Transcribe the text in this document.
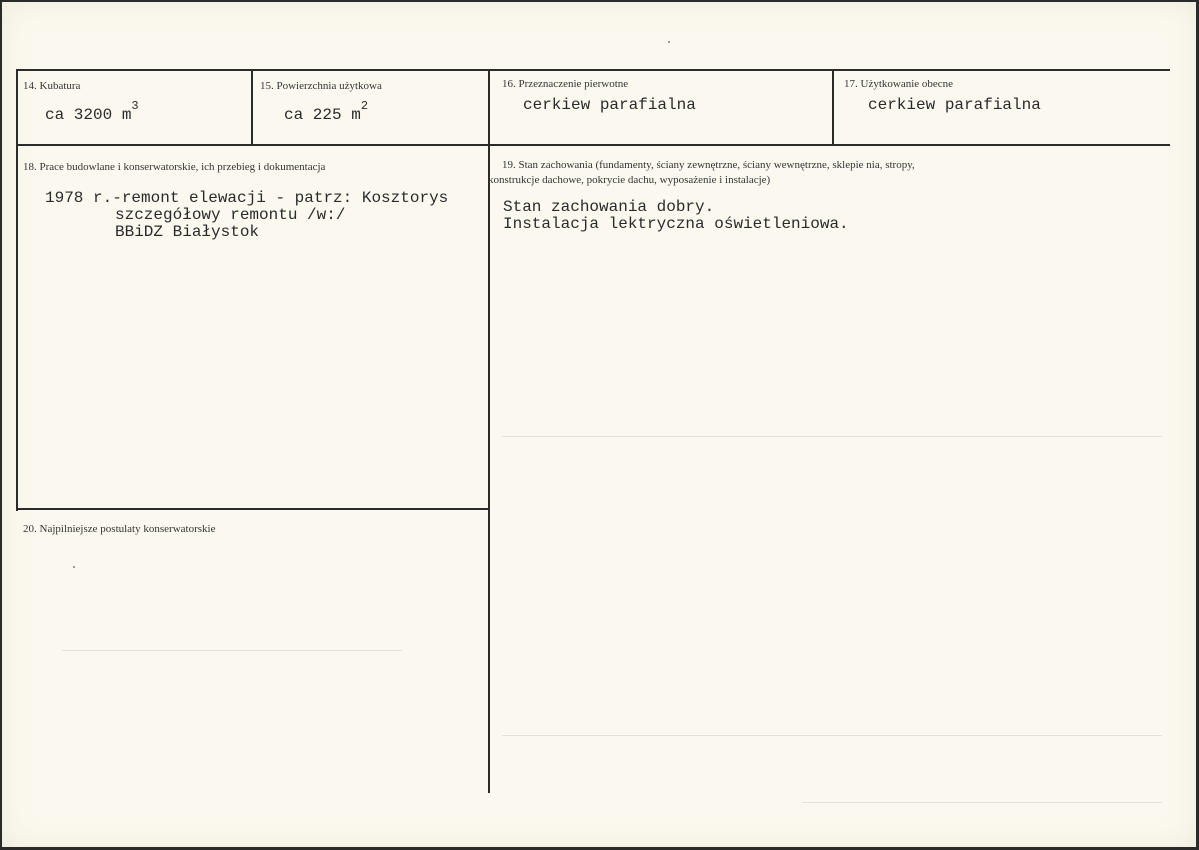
14. Kubatura
ca 3200 $m^3$
15. Powierzchnia użytkowa
ca 225 $m^2$
16. Przeznaczenie pierwotne
cerkiew parafialna
17. Użytkowanie obecne
cerkiew parafialna
18. Prace budowlane i konserwatorskie, ich przebieg i dokumentacja
1978 r.-remont elewacji - patrz: Kosztorys
szczegółowy remontu /w:/
BBiDZ Białystok
19. Stan zachowania (fundamenty, ściany zewnętrzne, ściany wewnętrzne, sklepie nia, stropy,
konstrukcje dachowe, pokrycie dachu, wyposażenie i instalacje)
Stan zachowania dobry.
Instalacja lektryczna oświetleniowa.
20. Najpilniejsze postulaty konserwatorskie
